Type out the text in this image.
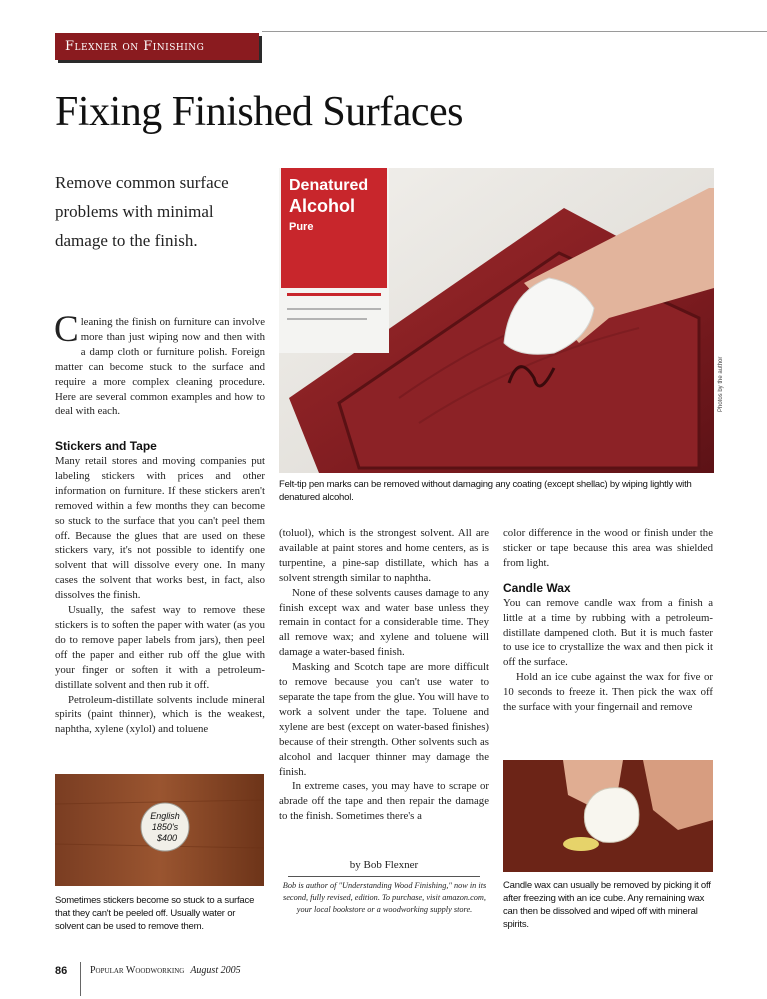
Flexner on Finishing
Fixing Finished Surfaces
Remove common surface problems with minimal damage to the finish.
Denatured
Alcohol
Pure
Photos by the author
Felt-tip pen marks can be removed without damaging any coating (except shellac) by wiping lightly with denatured alcohol.

Cleaning the finish on furniture can involve more than just wiping now and then with a damp cloth or furniture polish. Foreign matter can become stuck to the surface and require a more complex cleaning procedure. Here are several common examples and how to deal with each.

Stickers and Tape

Many retail stores and moving companies put labeling stickers with prices and other information on furniture. If these stickers aren't removed within a few months they can become so stuck to the surface that you can't peel them off. Because the glues that are used on these stickers vary, it's not possible to identify one solvent that will dissolve every one. In many cases the solvent that works best, in fact, also dissolves the finish.

Usually, the safest way to remove these stickers is to soften the paper with water (as you do to remove paper labels from jars), then peel off the paper and either rub off the glue with your finger or soften it with a petroleum-distillate solvent and then rub it off.

Petroleum-distillate solvents include mineral spirits (paint thinner), which is the weakest, naphtha, xylene (xylol) and toluene

English
1850's
$400
Sometimes stickers become so stuck to a surface that they can't be peeled off. Usually water or solvent can be used to remove them.

(toluol), which is the strongest solvent. All are available at paint stores and home centers, as is turpentine, a pine-sap distillate, which has a solvent strength similar to naphtha.

None of these solvents causes damage to any finish except wax and water base unless they remain in contact for a considerable time. They all remove wax; and xylene and toluene will damage a water-based finish.

Masking and Scotch tape are more difficult to remove because you can't use water to separate the tape from the glue. You will have to work a solvent under the tape. Toluene and xylene are best (except on water-based finishes) because of their strength. Other solvents such as alcohol and lacquer thinner may damage the finish.

In extreme cases, you may have to scrape or abrade off the tape and then repair the damage to the finish. Sometimes there's a

by Bob Flexner
Bob is author of "Understanding Wood Finishing," now in its second, fully revised, edition. To purchase, visit amazon.com, your local bookstore or a woodworking supply store.

color difference in the wood or finish under the sticker or tape because this area was shielded from light.

Candle Wax

You can remove candle wax from a finish a little at a time by rubbing with a petroleum-distillate dampened cloth. But it is much faster to use ice to crystallize the wax and then pick it off the surface.

Hold an ice cube against the wax for five or 10 seconds to freeze it. Then pick the wax off the surface with your fingernail and remove

Candle wax can usually be removed by picking it off after freezing with an ice cube. Any remaining wax can then be dissolved and wiped off with mineral spirits.
86 Popular Woodworking August 2005
